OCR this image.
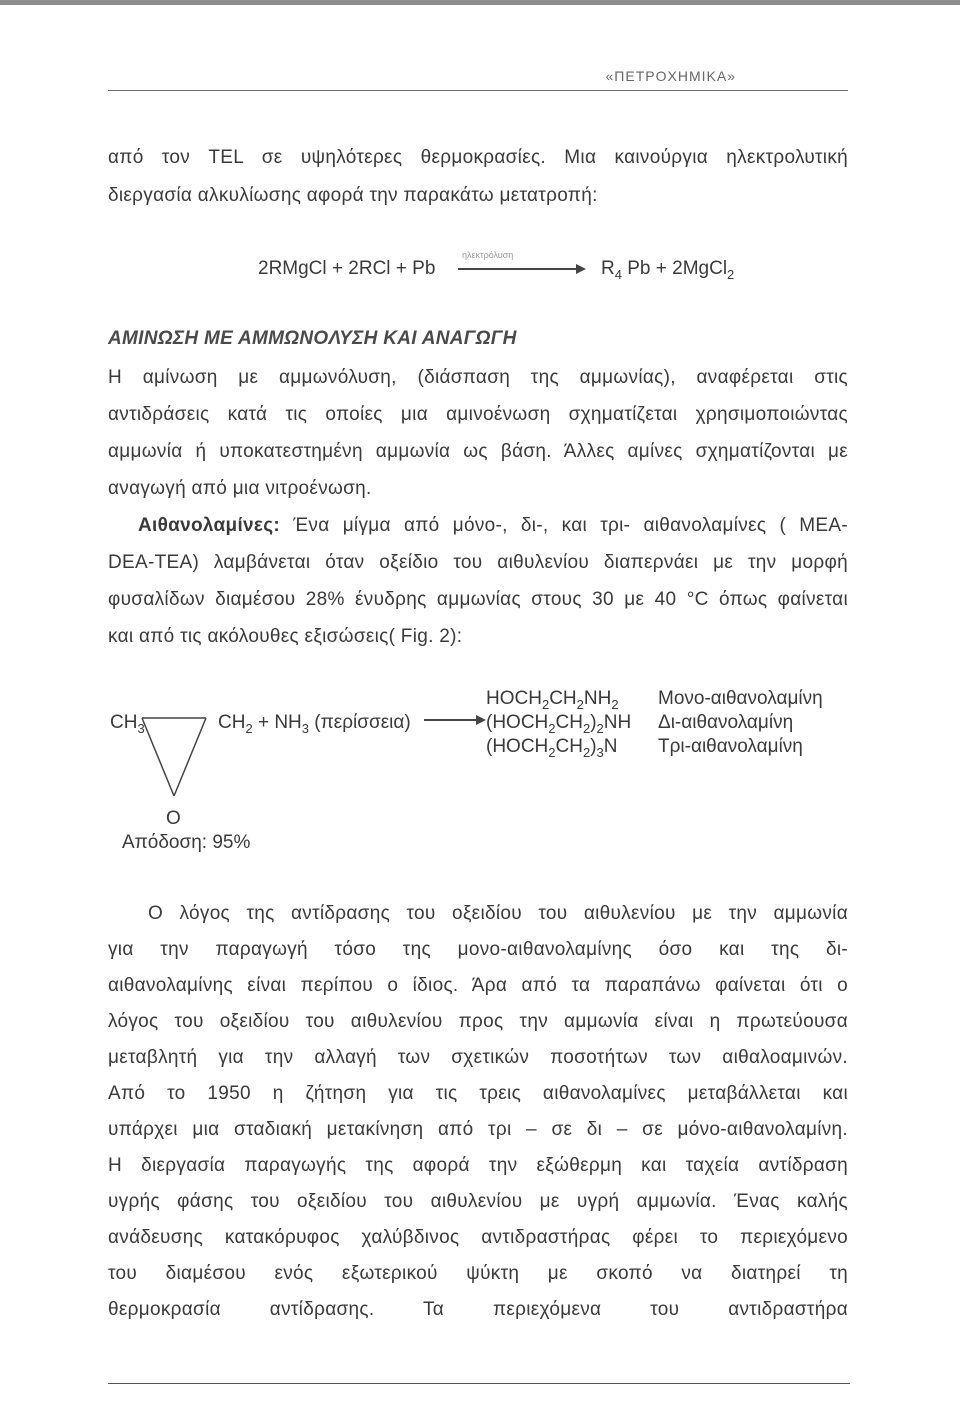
«ΠΕΤΡΟΧΗΜΙΚΑ»
από τον TEL σε υψηλότερες θερμοκρασίες. Μια καινούργια ηλεκτρολυτική
διεργασία αλκυλίωσης αφορά την παρακάτω μετατροπή:
2RMgCl + 2RCl + Pb
ηλεκτρόλυση
$R_4$ Pb + 2MgCl$_2$
ΑΜΙΝΩΣΗ ΜΕ ΑΜΜΩΝΟΛΥΣΗ ΚΑΙ ΑΝΑΓΩΓΗ
Η αμίνωση με αμμωνόλυση, (διάσπαση της αμμωνίας), αναφέρεται στις
αντιδράσεις κατά τις οποίες μια αμινοένωση σχηματίζεται χρησιμοποιώντας
αμμωνία ή υποκατεστημένη αμμωνία ως βάση. Άλλες αμίνες σχηματίζονται με
αναγωγή από μια νιτροένωση.
Αιθανολαμίνες: Ένα μίγμα από μόνο-, δι-, και τρι- αιθανολαμίνες ( MEA-
DEA-TEA) λαμβάνεται όταν οξείδιο του αιθυλενίου διαπερνάει με την μορφή
φυσαλίδων διαμέσου 28% ένυδρης αμμωνίας στους 30 με 40 °C όπως φαίνεται
και από τις ακόλουθες εξισώσεις( Fig. 2):
$CH_3$	$CH_2 + NH_3$ (περίσσεια)
O
Απόδοση: 95%
$HOCH_2CH_2NH_2$ Μονο-αιθανολαμίνη
$(HOCH_2CH_2)_2NH$ Δι-αιθανολαμίνη
$(HOCH_2CH_2)_3N$ Τρι-αιθανολαμίνη
Ο λόγος της αντίδρασης του οξειδίου του αιθυλενίου με την αμμωνία
για την παραγωγή τόσο της μονο-αιθανολαμίνης όσο και της δι-
αιθανολαμίνης είναι περίπου ο ίδιος. Άρα από τα παραπάνω φαίνεται ότι ο
λόγος του οξειδίου του αιθυλενίου προς την αμμωνία είναι η πρωτεύουσα
μεταβλητή για την αλλαγή των σχετικών ποσοτήτων των αιθαλοαμινών.
Από το 1950 η ζήτηση για τις τρεις αιθανολαμίνες μεταβάλλεται και
υπάρχει μια σταδιακή μετακίνηση από τρι – σε δι – σε μόνο-αιθανολαμίνη.
Η διεργασία παραγωγής της αφορά την εξώθερμη και ταχεία αντίδραση
υγρής φάσης του οξειδίου του αιθυλενίου με υγρή αμμωνία. Ένας καλής
ανάδευσης κατακόρυφος χαλύβδινος αντιδραστήρας φέρει το περιεχόμενο
του διαμέσου ενός εξωτερικού ψύκτη με σκοπό να διατηρεί τη
θερμοκρασία αντίδρασης. Τα περιεχόμενα του αντιδραστήρα
